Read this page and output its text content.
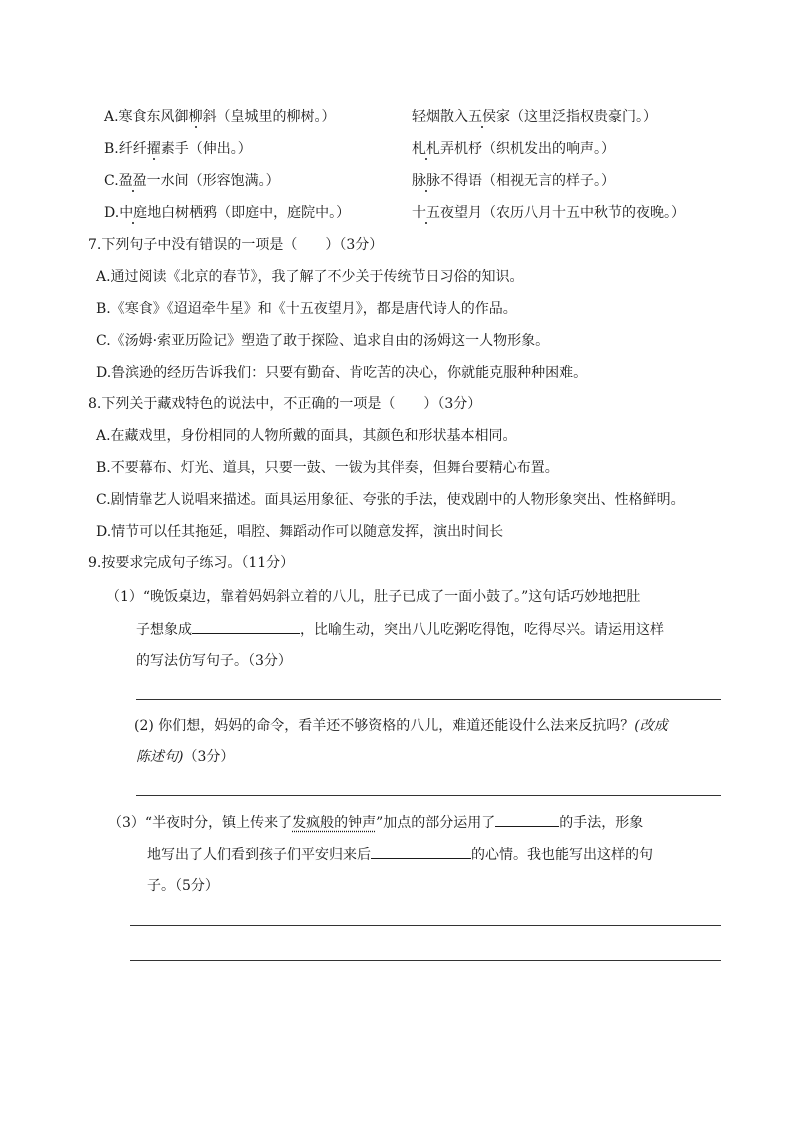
A.寒食东风御柳斜（皇城里的柳树。）	轻烟散入五侯家（这里泛指权贵豪门。）
B.纤纤擢素手（伸出。）	札札弄机杼（织机发出的响声。）
C.盈盈一水间（形容饱满。）	脉脉不得语（相视无言的样子。）
D.中庭地白树栖鸦（即庭中，庭院中。）	十五夜望月（农历八月十五中秋节的夜晚。）
7.下列句子中没有错误的一项是（　　）（3分）
A.通过阅读《北京的春节》，我了解了不少关于传统节日习俗的知识。
B.《寒食》《迢迢牵牛星》和《十五夜望月》，都是唐代诗人的作品。
C.《汤姆·索亚历险记》塑造了敢于探险、追求自由的汤姆这一人物形象。
D.鲁滨逊的经历告诉我们：只要有勤奋、肯吃苦的决心，你就能克服种种困难。
8.下列关于藏戏特色的说法中，不正确的一项是（　　）（3分）
A.在藏戏里，身份相同的人物所戴的面具，其颜色和形状基本相同。
B.不要幕布、灯光、道具，只要一鼓、一钹为其伴奏，但舞台要精心布置。
C.剧情靠艺人说唱来描述。面具运用象征、夸张的手法，使戏剧中的人物形象突出、性格鲜明。
D.情节可以任其拖延，唱腔、舞蹈动作可以随意发挥，演出时间长
9.按要求完成句子练习。（11分）
（1）“晚饭桌边，靠着妈妈斜立着的八儿，肚子已成了一面小鼓了。”这句话巧妙地把肚
子想象成	，比喻生动，突出八儿吃粥吃得饱，吃得尽兴。请运用这样
的写法仿写句子。（3分）
(2) 你们想，妈妈的命令，看羊还不够资格的八儿，难道还能设什么法来反抗吗？(改成
陈述句)（3分）
（3）“半夜时分，镇上传来了发疯般的钟声”加点的部分运用了	的手法，形象
地写出了人们看到孩子们平安归来后	的心情。我也能写出这样的句
子。（5分）
